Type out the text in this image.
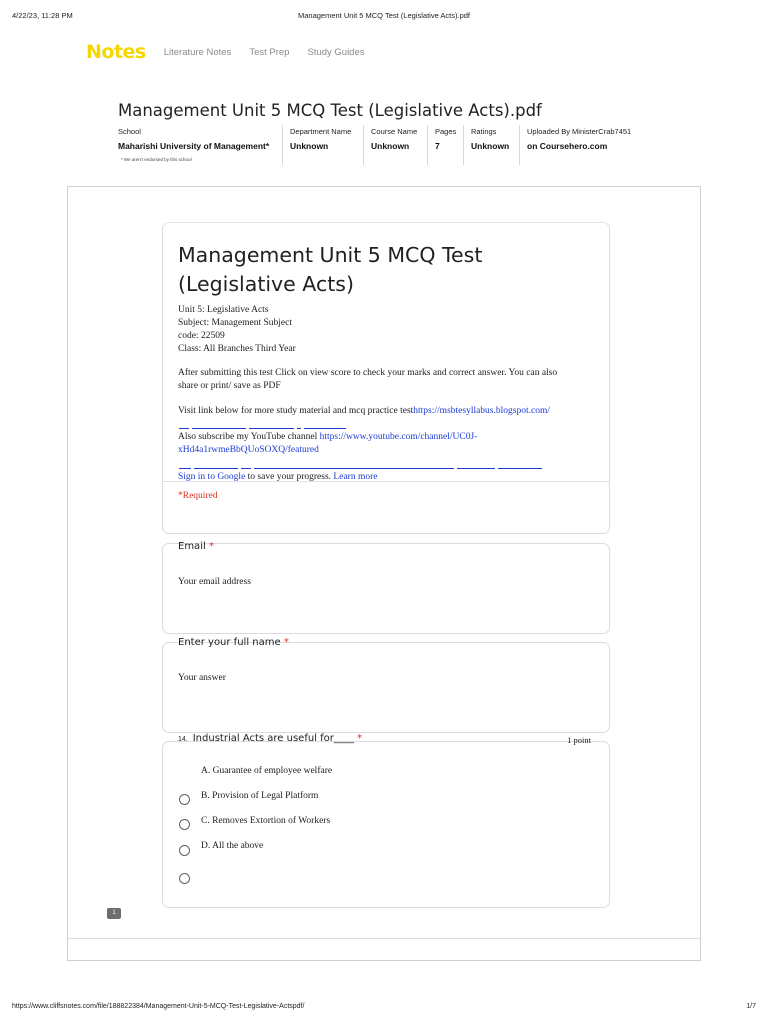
4/22/23, 11:28 PM	Management Unit 5 MCQ Test (Legislative Acts).pdf
Notes Literature Notes Test Prep Study Guides
Management Unit 5 MCQ Test (Legislative Acts).pdf
School
Maharishi University of Management*
Department Name
Unknown
Course Name
Unknown
Pages
7
Ratings
Unknown
Uploaded By MinisterCrab7451
on Coursehero.com
* We aren't endorsed by this school
Management Unit 5 MCQ Test
(Legislative Acts)
Unit 5: Legislative Acts
Subject: Management Subject
code: 22509
Class: All Branches Third Year
After submitting this test Click on view score to check your marks and correct answer. You can also share or print/ save as PDF
Visit link below for more study material and mcq practice testhttps://msbtesyllabus.blogspot.com/
Also subscribe my YouTube channel https://www.youtube.com/channel/UC0J-
xHd4a1rwmeBbQUoSOXQ/featured
Sign in to Google to save your progress. Learn more
*Required
Email *
Your email address
Enter your full name *
Your answer
14. Industrial Acts are useful for____ *	1 point
A. Guarantee of employee welfare
B. Provision of Legal Platform
C. Removes Extortion of Workers
D. All the above
1
https://www.cliffsnotes.com/file/188822384/Management-Unit-5-MCQ-Test-Legislative-Actspdf/	1/7
